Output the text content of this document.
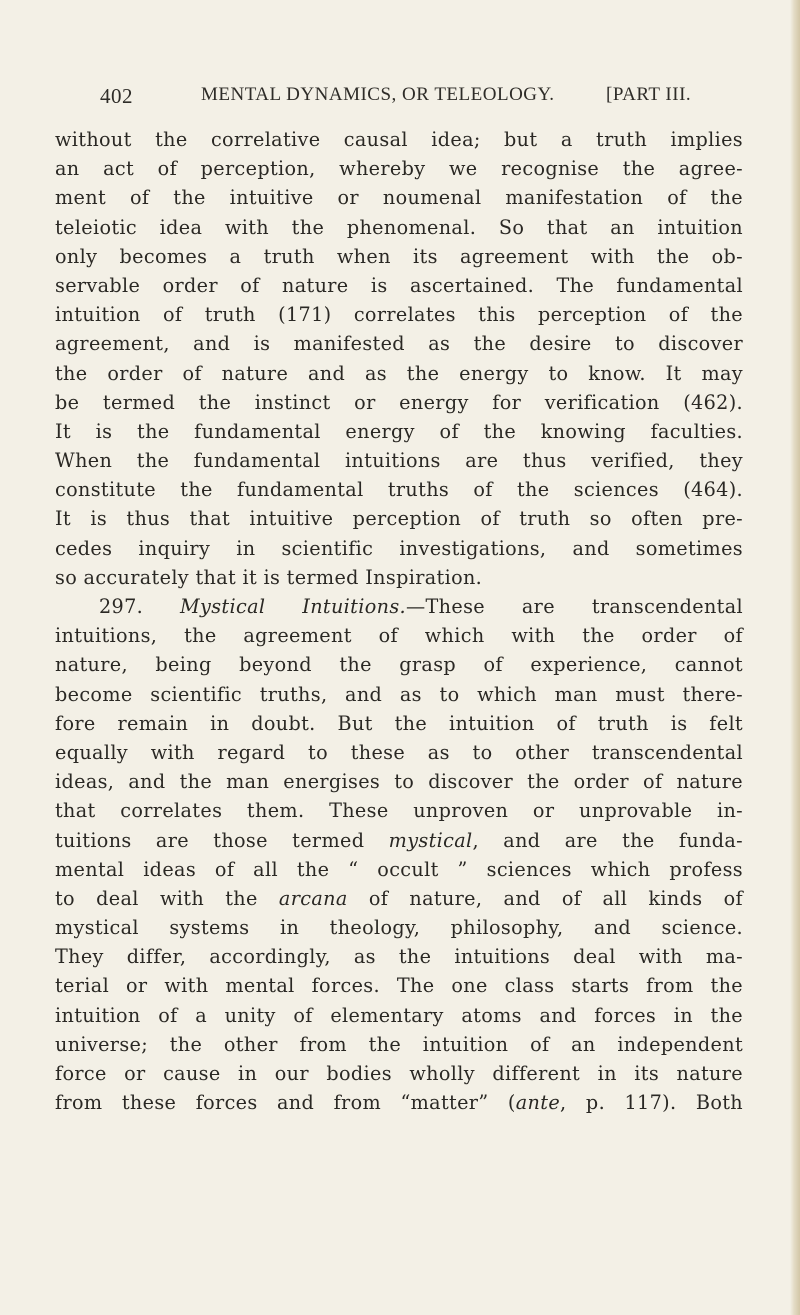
402	MENTAL DYNAMICS, OR TELEOLOGY.	[PART III.
without the correlative causal idea; but a truth implies
an act of perception, whereby we recognise the agree-
ment of the intuitive or noumenal manifestation of the
teleiotic idea with the phenomenal. So that an intuition
only becomes a truth when its agreement with the ob-
servable order of nature is ascertained. The fundamental
intuition of truth (171) correlates this perception of the
agreement, and is manifested as the desire to discover
the order of nature and as the energy to know. It may
be termed the instinct or energy for verification (462).
It is the fundamental energy of the knowing faculties.
When the fundamental intuitions are thus verified, they
constitute the fundamental truths of the sciences (464).
It is thus that intuitive perception of truth so often pre-
cedes inquiry in scientific investigations, and sometimes
so accurately that it is termed Inspiration.
297. Mystical Intuitions.—These are transcendental
intuitions, the agreement of which with the order of
nature, being beyond the grasp of experience, cannot
become scientific truths, and as to which man must there-
fore remain in doubt. But the intuition of truth is felt
equally with regard to these as to other transcendental
ideas, and the man energises to discover the order of nature
that correlates them. These unproven or unprovable in-
tuitions are those termed mystical, and are the funda-
mental ideas of all the “ occult ” sciences which profess
to deal with the arcana of nature, and of all kinds of
mystical systems in theology, philosophy, and science.
They differ, accordingly, as the intuitions deal with ma-
terial or with mental forces. The one class starts from the
intuition of a unity of elementary atoms and forces in the
universe; the other from the intuition of an independent
force or cause in our bodies wholly different in its nature
from these forces and from “matter” (ante, p. 117). Both
